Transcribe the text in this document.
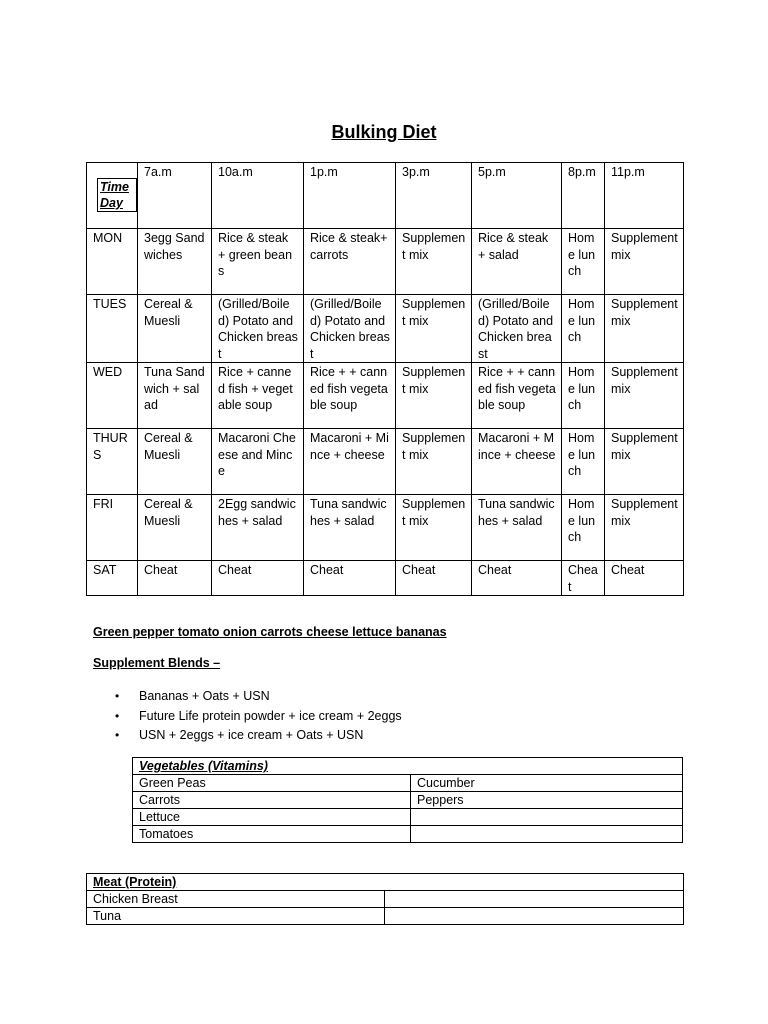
Bulking Diet
Time Day	7a.m	10a.m	1p.m	3p.m	5p.m	8p.m	11p.m
MON	3egg Sandwiches	Rice & steak + green beans	Rice & steak+ carrots	Supplement mix	Rice & steak + salad	Home lunch	Supplement mix
TUES	Cereal & Muesli	(Grilled/Boiled) Potato and Chicken breast	(Grilled/Boiled) Potato and Chicken breast	Supplement mix	(Grilled/Boiled) Potato and Chicken breast	Home lunch	Supplement mix
WED	Tuna Sandwich + salad	Rice + canned fish + vegetable soup	Rice + + canned fish vegetable soup	Supplement mix	Rice + + canned fish vegetable soup	Home lunch	Supplement mix
THURS	Cereal & Muesli	Macaroni Cheese and Mince	Macaroni + Mince + cheese	Supplement mix	Macaroni + Mince + cheese	Home lunch	Supplement mix
FRI	Cereal & Muesli	2Egg sandwiches + salad	Tuna sandwiches + salad	Supplement mix	Tuna sandwiches + salad	Home lunch	Supplement mix
SAT	Cheat	Cheat	Cheat	Cheat	Cheat	Cheat	Cheat
Green pepper tomato onion carrots cheese lettuce bananas
Supplement Blends –
• Bananas + Oats + USN
• Future Life protein powder + ice cream + 2eggs
• USN + 2eggs + ice cream + Oats + USN
Vegetables (Vitamins)	
Green Peas	Cucumber
Carrots	Peppers
Lettuce	
Tomatoes	
Meat (Protein)	
Chicken Breast	
Tuna	
